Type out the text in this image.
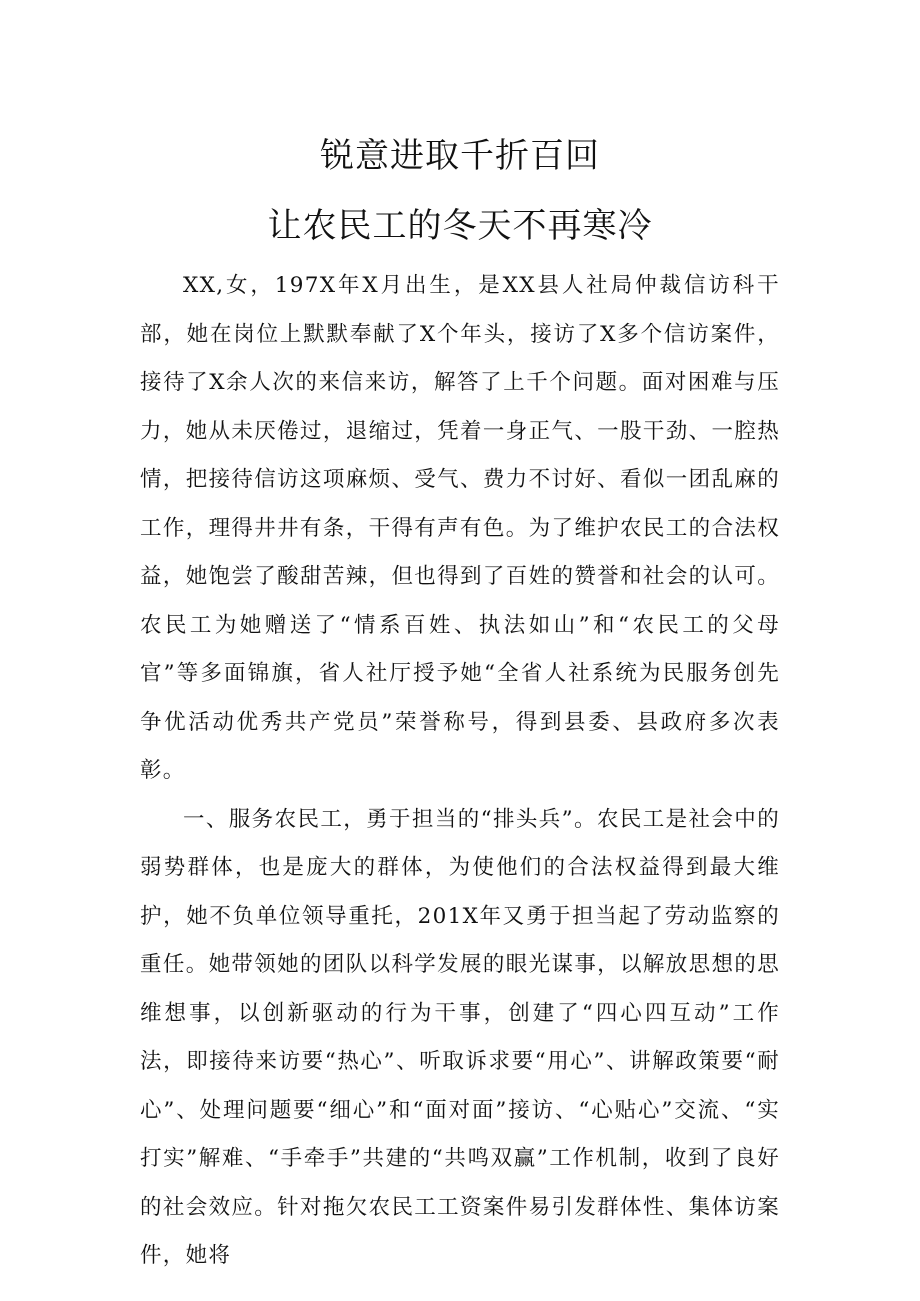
锐意进取千折百回
让农民工的冬天不再寒冷

XX,女，197X年X月出生，是XX县人社局仲裁信访科干部，她在岗位上默默奉献了X个年头，接访了X多个信访案件，接待了X余人次的来信来访，解答了上千个问题。面对困难与压力，她从未厌倦过，退缩过，凭着一身正气、一股干劲、一腔热情，把接待信访这项麻烦、受气、费力不讨好、看似一团乱麻的工作，理得井井有条，干得有声有色。为了维护农民工的合法权益，她饱尝了酸甜苦辣，但也得到了百姓的赞誉和社会的认可。农民工为她赠送了“情系百姓、执法如山”和“农民工的父母官”等多面锦旗，省人社厅授予她“全省人社系统为民服务创先争优活动优秀共产党员”荣誉称号，得到县委、县政府多次表彰。

一、服务农民工，勇于担当的“排头兵”。农民工是社会中的弱势群体，也是庞大的群体，为使他们的合法权益得到最大维护，她不负单位领导重托，201X年又勇于担当起了劳动监察的重任。她带领她的团队以科学发展的眼光谋事，以解放思想的思维想事，以创新驱动的行为干事，创建了“四心四互动”工作法，即接待来访要“热心”、听取诉求要“用心”、讲解政策要“耐心”、处理问题要“细心”和“面对面”接访、“心贴心”交流、“实打实”解难、“手牵手”共建的“共鸣双赢”工作机制，收到了良好的社会效应。针对拖欠农民工工资案件易引发群体性、集体访案件，她将
